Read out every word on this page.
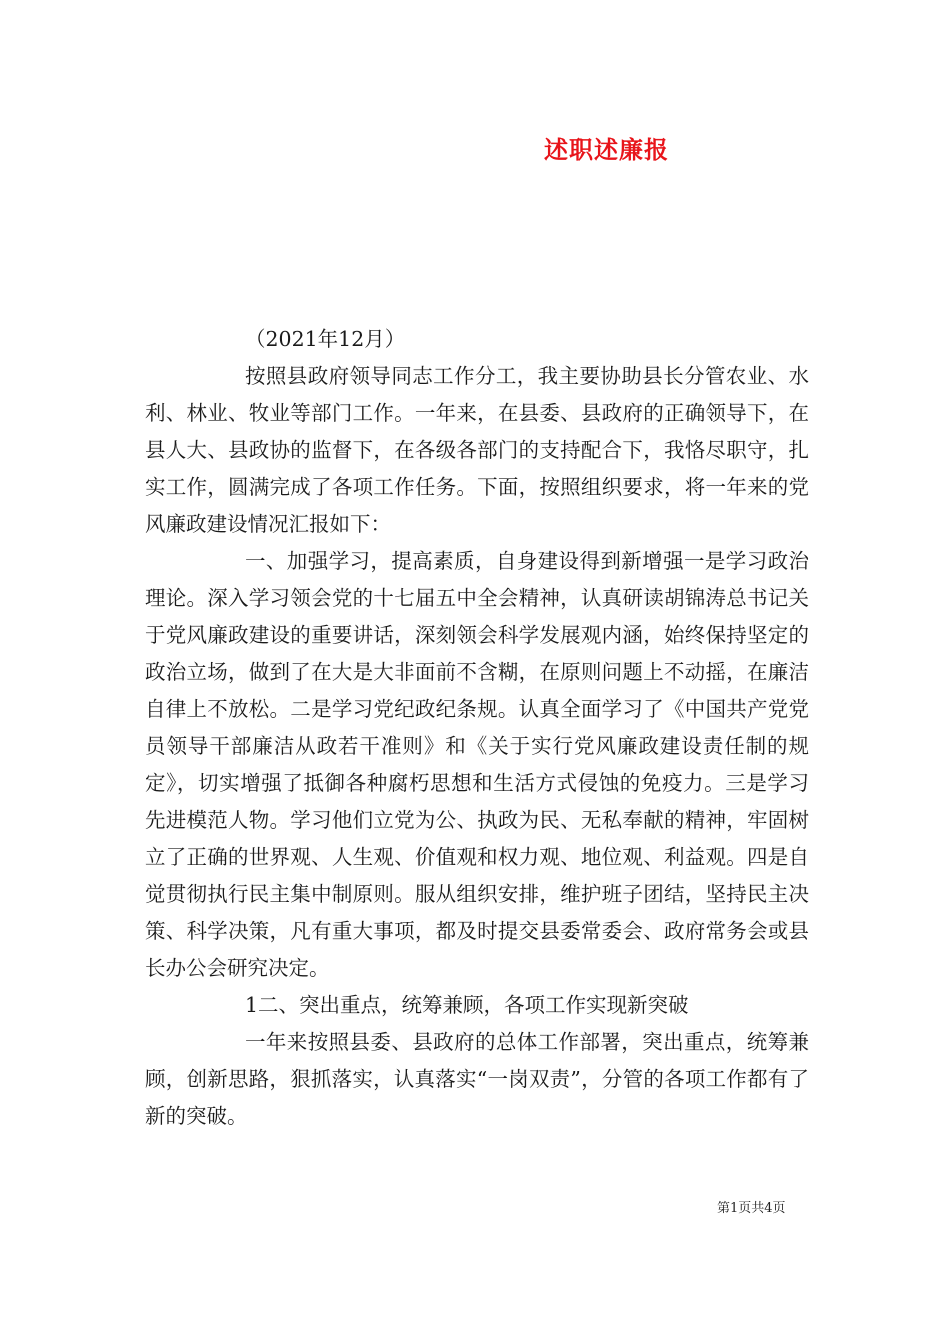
述职述廉报

（2021年12月）

按照县政府领导同志工作分工，我主要协助县长分管农业、水利、林业、牧业等部门工作。一年来，在县委、县政府的正确领导下，在县人大、县政协的监督下，在各级各部门的支持配合下，我恪尽职守，扎实工作，圆满完成了各项工作任务。下面，按照组织要求，将一年来的党风廉政建设情况汇报如下：

一、加强学习，提高素质，自身建设得到新增强一是学习政治理论。深入学习领会党的十七届五中全会精神，认真研读胡锦涛总书记关于党风廉政建设的重要讲话，深刻领会科学发展观内涵，始终保持坚定的政治立场，做到了在大是大非面前不含糊，在原则问题上不动摇，在廉洁自律上不放松。二是学习党纪政纪条规。认真全面学习了《中国共产党党员领导干部廉洁从政若干准则》和《关于实行党风廉政建设责任制的规定》，切实增强了抵御各种腐朽思想和生活方式侵蚀的免疫力。三是学习先进模范人物。学习他们立党为公、执政为民、无私奉献的精神，牢固树立了正确的世界观、人生观、价值观和权力观、地位观、利益观。四是自觉贯彻执行民主集中制原则。服从组织安排，维护班子团结，坚持民主决策、科学决策，凡有重大事项，都及时提交县委常委会、政府常务会或县长办公会研究决定。

1二、突出重点，统筹兼顾，各项工作实现新突破

一年来按照县委、县政府的总体工作部署，突出重点，统筹兼顾，创新思路，狠抓落实，认真落实“一岗双责”，分管的各项工作都有了新的突破。

第1页共4页
